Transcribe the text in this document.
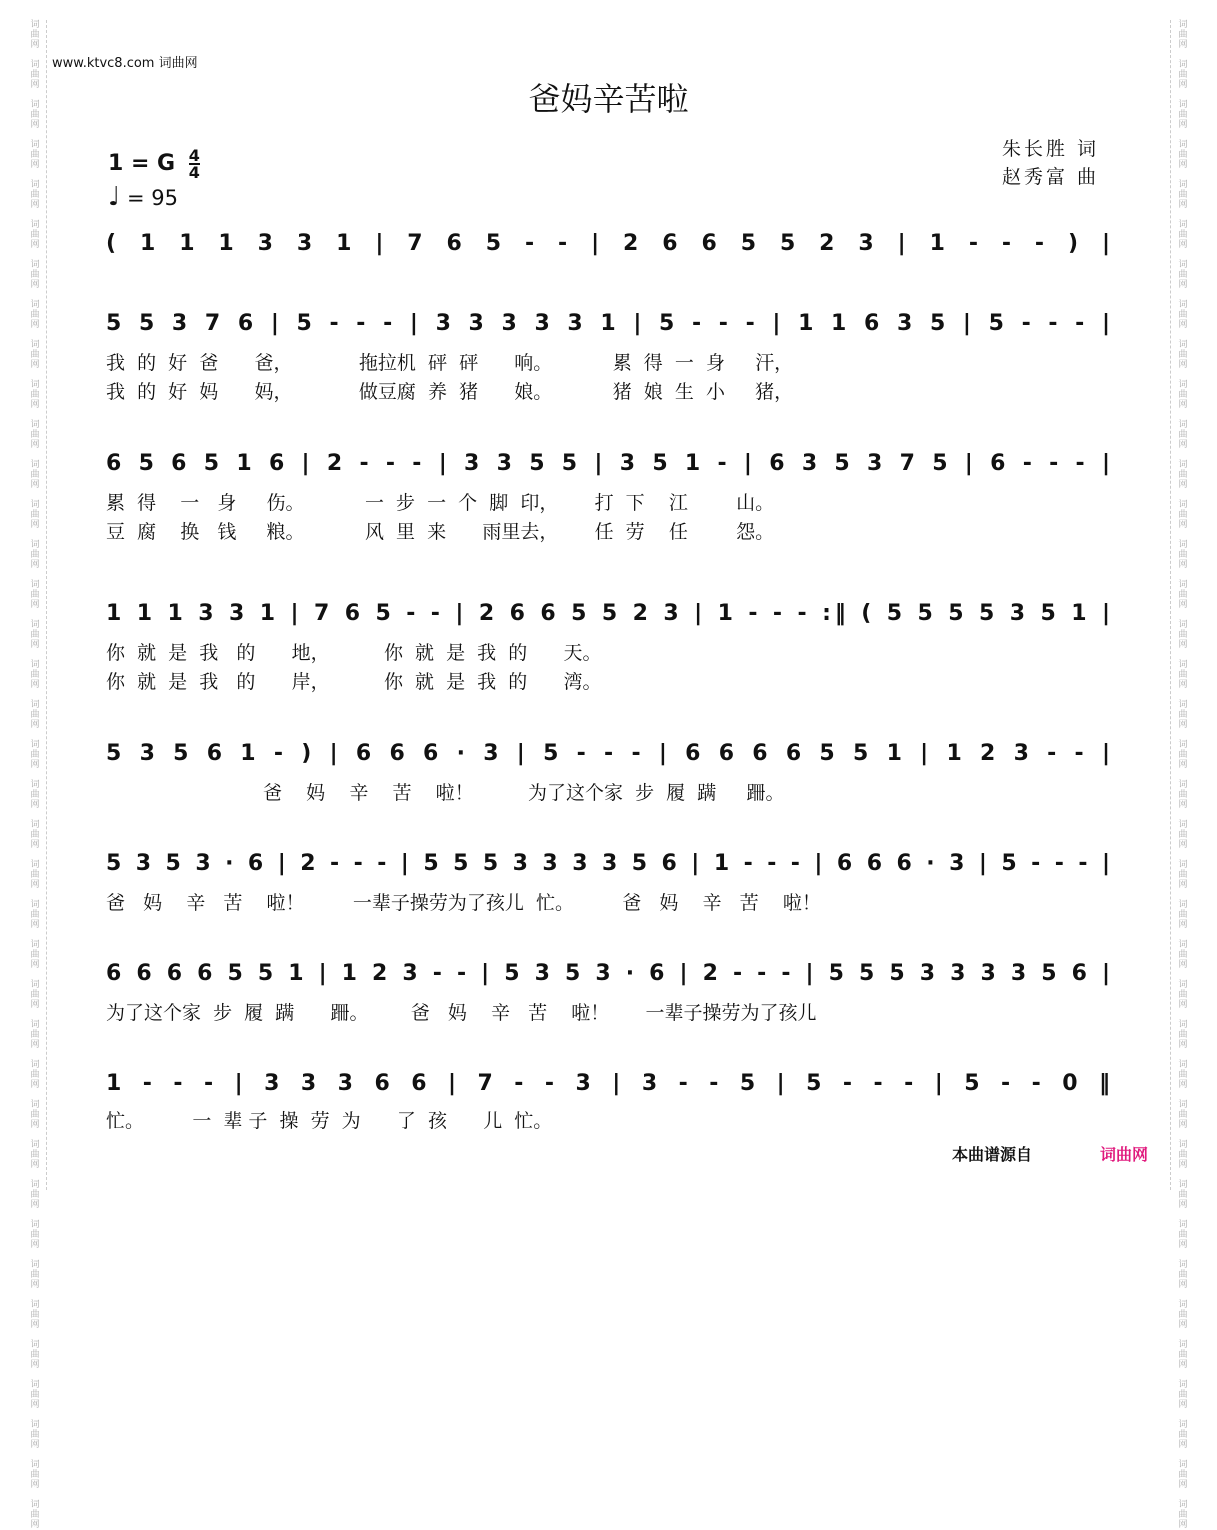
词
曲
网

词
曲
网

词
曲
网

词
曲
网

词
曲
网

词
曲
网

词
曲
网

词
曲
网

词
曲
网

词
曲
网

词
曲
网

词
曲
网

词
曲
网

词
曲
网

词
曲
网

词
曲
网

词
曲
网

词
曲
网

词
曲
网

词
曲
网

词
曲
网

词
曲
网

词
曲
网

词
曲
网

词
曲
网

词
曲
网

词
曲
网

词
曲
网

词
曲
网

词
曲
网

词
曲
网

词
曲
网

词
曲
网

词
曲
网

词
曲
网

词
曲
网

词
曲
网

词
曲
网

词
曲
网

词
曲
网

词
曲
网

词
曲
网

词
曲
网

词
曲
网

词
曲
网

词
曲
网

词
曲
网

词
曲
网

词
曲
网

词
曲
网

词
曲
网

词
曲
网

词
曲
网

词
曲
网

词
曲
网

词
曲
网

词
曲
网

词
曲
网

词
曲
网

词
曲
网

词
曲
网

词
曲
网

词
曲
网

词
曲
网

词
曲
网

词
曲
网

词
曲
网

词
曲
网

词
曲
网

词
曲
网

词
曲
网

词
曲
网

词
曲
网

词
曲
网

词
曲
网

词
曲
网

www.ktvc8.com 词曲网
爸妈辛苦啦
朱长胜 词
赵秀富 曲
1 = G $\frac{4}{4}$
♩ = 95
( 1 1 1 3 3 1 | 7 6 5 - - | 2 6 6 5 5 2 3 | 1 - - - ) |
5 5 3 7 6 | 5 - - - | 3 3 3 3 3 1 | 5 - - - | 1 1 6 3 5 | 5 - - - |
我  的  好  爸      爸，           拖拉机  砰  砰      响。          累  得  一  身     汗，
我  的  好  妈      妈，           做豆腐  养  猪      娘。          猪  娘  生  小     猪，
6 5 6 5 1 6 | 2 - - - | 3 3 5 5 | 3 5 1 - | 6 3 5 3 7 5 | 6 - - - |
累  得    一   身     伤。          一  步  一  个  脚  印，      打  下    江        山。
豆  腐    换   钱     粮。          风  里  来      雨里去，      任  劳    任        怨。
1 1 1 3 3 1 | 7 6 5 - - | 2 6 6 5 5 2 3 | 1 - - - :‖ ( 5 5 5 5 3 5 1 |
你  就  是  我   的      地，         你  就  是  我  的      天。
你  就  是  我   的      岸，         你  就  是  我  的      湾。
5 3 5 6 1 - ) | 6 6 6 · 3 | 5 - - - | 6 6 6 6 5 5 1 | 1 2 3 - - |
爸    妈    辛    苦    啦！         为了这个家  步  履  蹒     跚。
5 3 5 3 · 6 | 2 - - - | 5 5 5 3 3 3 3 5 6 | 1 - - - | 6 6 6 · 3 | 5 - - - |
爸   妈    辛   苦    啦！        一辈子操劳为了孩儿  忙。        爸   妈    辛   苦    啦！
6 6 6 6 5 5 1 | 1 2 3 - - | 5 3 5 3 · 6 | 2 - - - | 5 5 5 3 3 3 3 5 6 |
为了这个家  步  履  蹒      跚。       爸   妈    辛   苦    啦！      一辈子操劳为了孩儿
1 - - - | 3 3 3 6 6 | 7 - - 3 | 3 - - 5 | 5 - - - | 5 - - 0 ‖
忙。        一  辈 子  操  劳  为      了  孩      儿  忙。
本曲谱源自	词曲网
